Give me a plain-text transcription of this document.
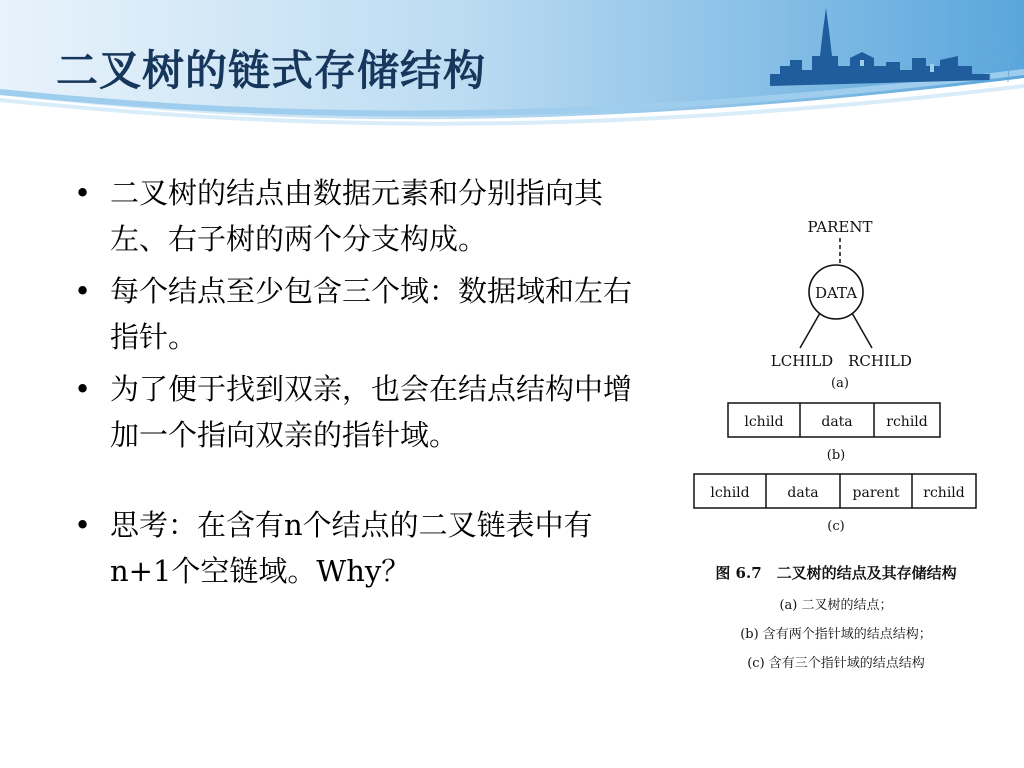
二叉树的链式存储结构
• 二叉树的结点由数据元素和分别指向其左、右子树的两个分支构成。
• 每个结点至少包含三个域：数据域和左右指针。
• 为了便于找到双亲，也会在结点结构中增加一个指向双亲的指针域。
• 思考：在含有n个结点的二叉链表中有n+1个空链域。Why？
PARENT
DATA
LCHILD RCHILD
(a)
lchild	data rchild
(b)
lchild	data parent rchild
(c)
图 6.7　二叉树的结点及其存储结构
(a) 二叉树的结点；
(b) 含有两个指针域的结点结构；
(c) 含有三个指针域的结点结构
